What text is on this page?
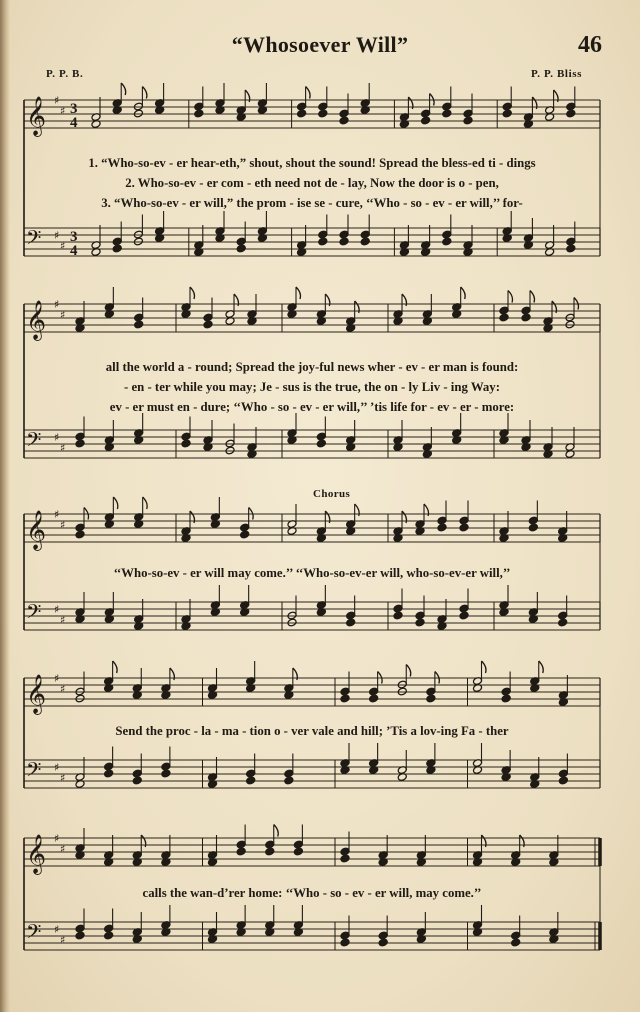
“Whosoever Will”	46
P. P. B.	P. P. Bliss
Chorus
𝄞
𝄢
♯
♯
♯
♯
3
4
3
4
1. “Who-so-ev - er hear-eth,” shout, shout the sound! Spread the bless-ed ti - dings
2. Who-so-ev - er com - eth need not de - lay, Now the door is o - pen,
3. “Who-so-ev - er will,” the prom - ise se - cure, ‘‘Who - so - ev - er will,’’ for-
𝄞
𝄢
♯
♯
♯
♯
all the world a - round; Spread the joy-ful news wher - ev - er man is found:
- en - ter while you may; Je - sus is the true, the on - ly Liv - ing Way:
ev - er must en - dure; ‘‘Who - so - ev - er will,’’ ’tis life for - ev - er - more:
𝄞
𝄢
♯
♯
♯
♯
‘‘Who-so-ev - er will may come.’’ ‘‘Who-so-ev-er will, who-so-ev-er will,’’
𝄞
𝄢
♯
♯
♯
♯
Send the proc - la - ma - tion o - ver vale and hill; ’Tis a lov-ing Fa - ther
𝄞
𝄢
♯
♯
♯
♯
calls the wan-d’rer home: ‘‘Who - so - ev - er will, may come.’’
